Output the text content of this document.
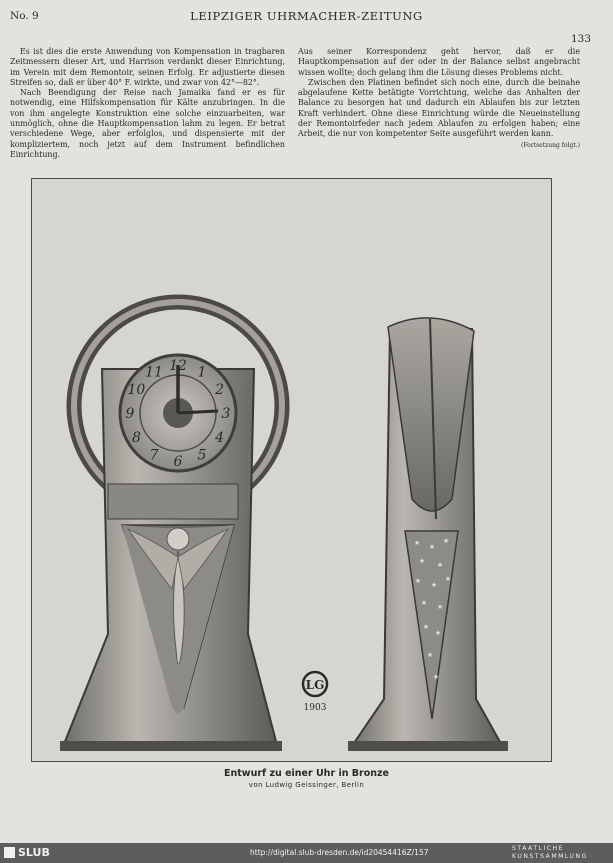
No. 9	LEIPZIGER UHRMACHER-ZEITUNG
133

Es ist dies die erste Anwendung von Kompensation in tragbaren Zeitmessern dieser Art, und Harrison verdankt dieser Einrichtung, im Verein mit dem Remontoir, seinen Erfolg. Er adjustierte diesen Streifen so, daß er über 40° F. wirkte, und zwar von 42°—82°.

Nach Beendigung der Reise nach Jamaika fand er es für notwendig, eine Hilfskompensation für Kälte anzubringen. In die von ihm angelegte Konstruktion eine solche einzuarbeiten, war unmöglich, ohne die Hauptkompensation lahm zu legen. Er betrat verschiedene Wege, aber erfolglos, und dispensierte mit der kompliziertem, noch jetzt auf dem Instrument befindlichen Einrichtung.

Aus seiner Korrespondenz geht hervor, daß er die Hauptkompensation auf der oder in der Balance selbst angebracht wissen wollte; doch gelang ihm die Lösung dieses Problems nicht.

Zwischen den Platinen befindet sich noch eine, durch die beinahe abgelaufene Kette betätigte Vorrichtung, welche das Anhalten der Balance zu besorgen hat und dadurch ein Ablaufen bis zur letzten Kraft verhindert. Ohne diese Einrichtung würde die Neueinstellung der Remontoirfeder nach jedem Ablaufen zu erfolgen haben; eine Arbeit, die nur von kompetenter Seite ausgeführt werden kann.

(Fortsetzung folgt.)
12 1
2
3
4
5
6
7
8
9
10
11
★ ★
★
★ ★
★ ★
★
★ ★
★
★
★
★
LG
1903
Entwurf zu einer Uhr in Bronze
von Ludwig Geissinger, Berlin
SLUB	http://digital.slub-dresden.de/id20454416Z/157	STAATLICHE
KUNSTSAMMLUNG
